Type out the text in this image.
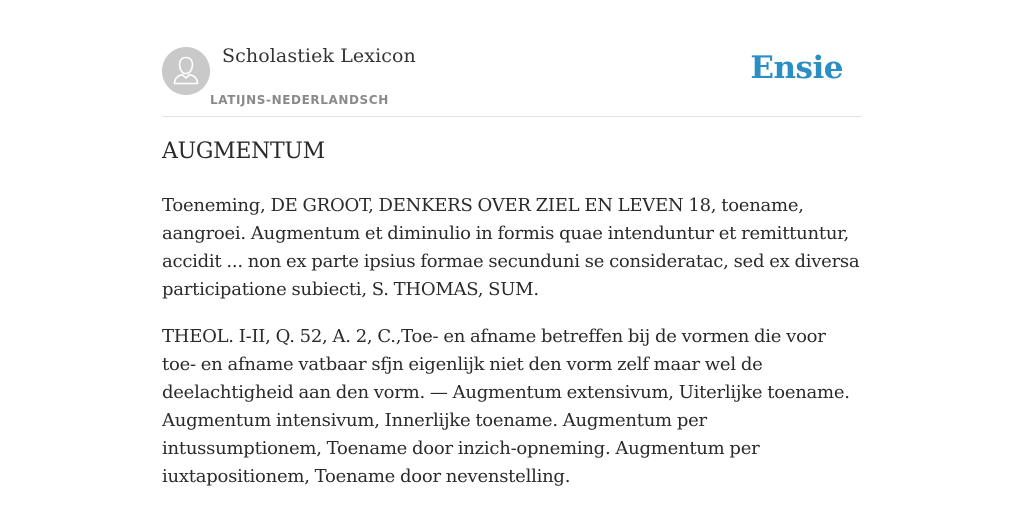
Scholastiek Lexicon
LATIJNS-NEDERLANDSCH
Ensie
AUGMENTUM

Toeneming, DE GROOT, DENKERS OVER ZIEL EN LEVEN 18, toename, aangroei. Augmentum et diminulio in formis quae intenduntur et remittuntur, accidit ... non ex parte ipsius formae secunduni se consideratac, sed ex diversa participatione subiecti, S. THOMAS, SUM.

THEOL. I-II, Q. 52, A. 2, C.,Toe- en afname betreffen bij de vormen die voor toe- en afname vatbaar sfjn eigenlijk niet den vorm zelf maar wel de deelachtigheid aan den vorm. — Augmentum extensivum, Uiterlijke toename. Augmentum intensivum, Innerlijke toename. Augmentum per intussumptionem, Toename door inzich-opneming. Augmentum per iuxtapositionem, Toename door nevenstelling.
